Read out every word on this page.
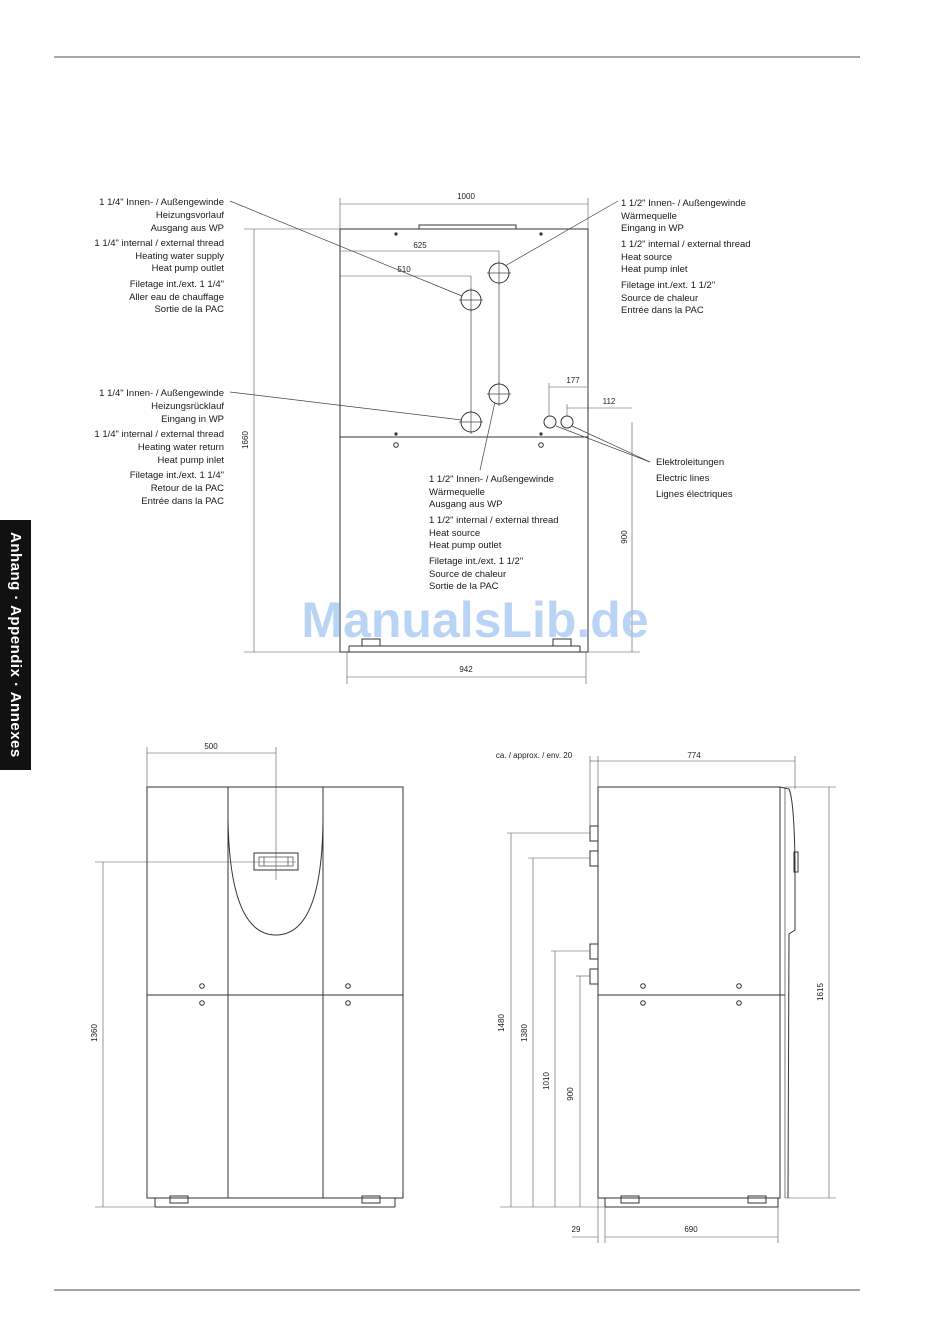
1000
625
510
177
112
1660
900
942
1 1/4" Innen- / Außengewinde
Heizungsvorlauf
Ausgang aus WP
1 1/4" internal / external thread
Heating water supply
Heat pump outlet
Filetage int./ext. 1 1/4"
Aller eau de chauffage
Sortie de la PAC
1 1/4" Innen- / Außengewinde
Heizungsrücklauf
Eingang in WP
1 1/4" internal / external thread
Heating water return
Heat pump inlet
Filetage int./ext. 1 1/4"
Retour de la PAC
Entrée dans la PAC
1 1/2" Innen- / Außengewinde
Wärmequelle
Eingang in WP
1 1/2" internal / external thread
Heat source
Heat pump inlet
Filetage int./ext. 1 1/2"
Source de chaleur
Entrée dans la PAC
1 1/2" Innen- / Außengewinde
Wärmequelle
Ausgang aus WP
1 1/2" internal / external thread
Heat source
Heat pump outlet
Filetage int./ext. 1 1/2"
Source de chaleur
Sortie de la PAC
Elektroleitungen
Electric lines
Lignes électriques
ManualsLib.de
500
1360
ca. / approx. / env. 20	774
1480
1380
1010
900
1615
29	690
Anhang · Appendix · Annexes
